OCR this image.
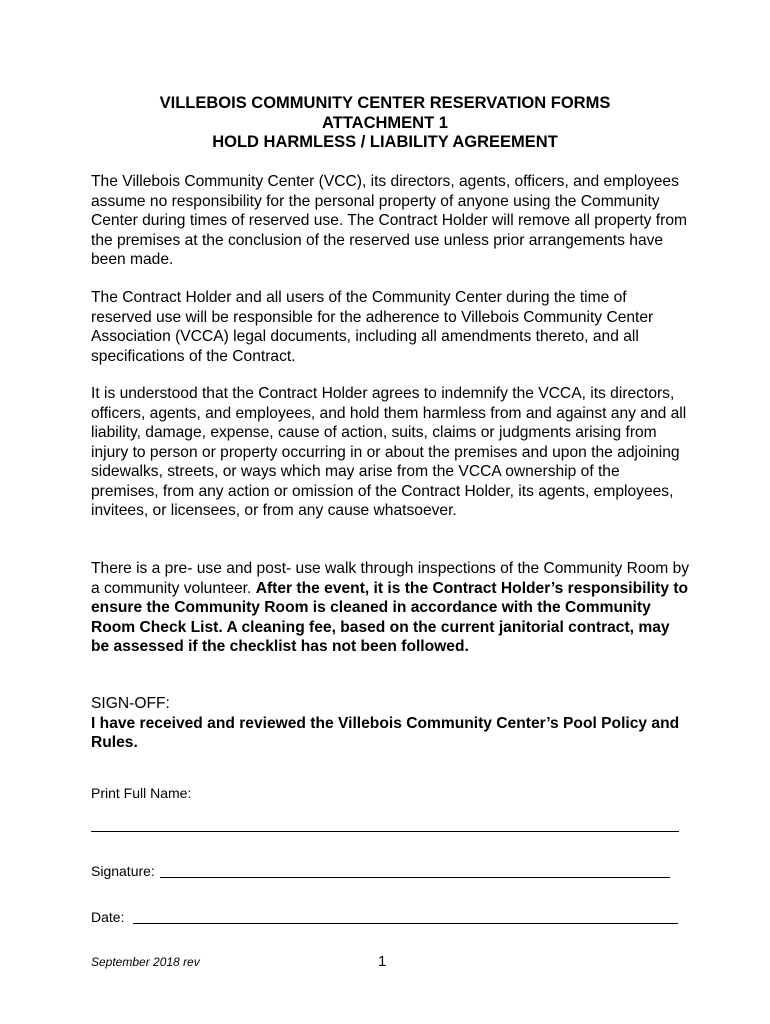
VILLEBOIS COMMUNITY CENTER RESERVATION FORMS
ATTACHMENT 1
HOLD HARMLESS / LIABILITY AGREEMENT

The Villebois Community Center (VCC), its directors, agents, officers, and employees assume no responsibility for the personal property of anyone using the Community Center during times of reserved use. The Contract Holder will remove all property from the premises at the conclusion of the reserved use unless prior arrangements have been made.

The Contract Holder and all users of the Community Center during the time of reserved use will be responsible for the adherence to Villebois Community Center Association (VCCA) legal documents, including all amendments thereto, and all specifications of the Contract.

It is understood that the Contract Holder agrees to indemnify the VCCA, its directors, officers, agents, and employees, and hold them harmless from and against any and all liability, damage, expense, cause of action, suits, claims or judgments arising from injury to person or property occurring in or about the premises and upon the adjoining sidewalks, streets, or ways which may arise from the VCCA ownership of the premises, from any action or omission of the Contract Holder, its agents, employees, invitees, or licensees, or from any cause whatsoever.

There is a pre- use and post- use walk through inspections of the Community Room by a community volunteer. After the event, it is the Contract Holder’s responsibility to ensure the Community Room is cleaned in accordance with the Community Room Check List. A cleaning fee, based on the current janitorial contract, may be assessed if the checklist has not been followed.

SIGN-OFF:

I have received and reviewed the Villebois Community Center’s Pool Policy and Rules.

Print Full Name:
Signature:
Date:
September 2018 rev	1
